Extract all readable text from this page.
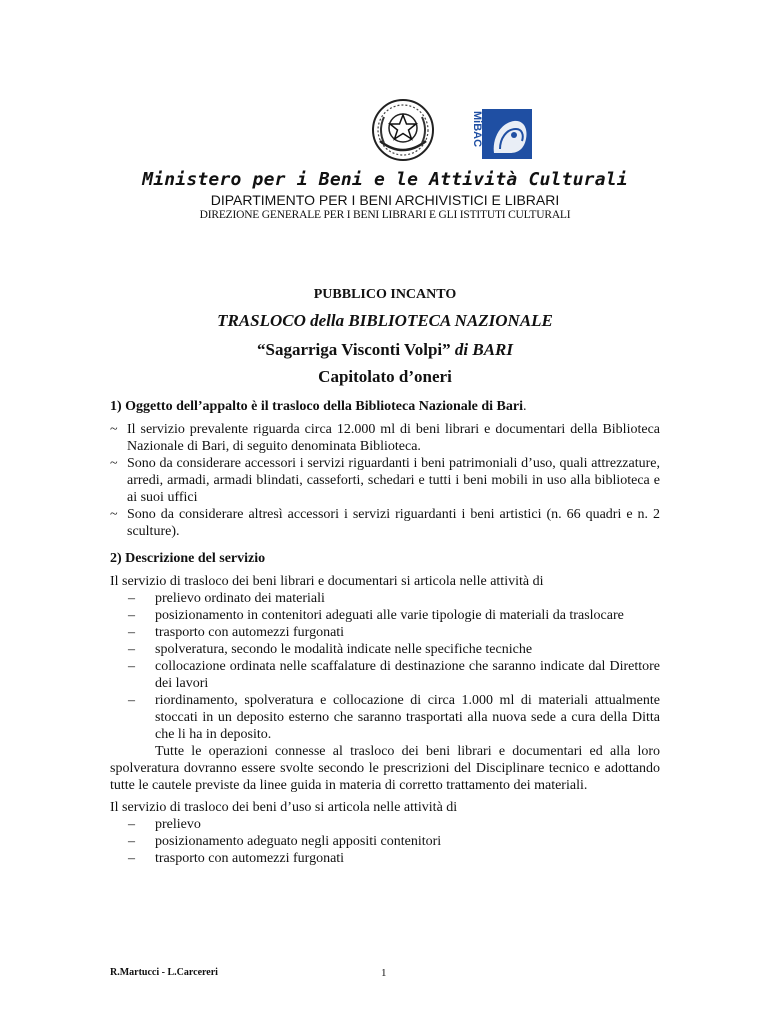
MiBAC
Ministero per i Beni e le Attività Culturali
DIPARTIMENTO PER I BENI ARCHIVISTICI E LIBRARI
DIREZIONE GENERALE PER I BENI LIBRARI E GLI ISTITUTI CULTURALI
PUBBLICO INCANTO
TRASLOCO della BIBLIOTECA NAZIONALE
“Sagarriga Visconti Volpi” di BARI
Capitolato d’oneri
1) Oggetto dell’appalto è il trasloco della Biblioteca Nazionale di Bari.
~ Il servizio prevalente riguarda circa 12.000 ml di beni librari e documentari della Biblioteca Nazionale di Bari, di seguito denominata Biblioteca.
~ Sono da considerare accessori i servizi riguardanti i beni patrimoniali d’uso, quali attrezzature, arredi, armadi, armadi blindati, casseforti, schedari e tutti i beni mobili in uso alla biblioteca e ai suoi uffici
~ Sono da considerare altresì accessori i servizi riguardanti i beni artistici (n. 66 quadri e n. 2 sculture).
2) Descrizione del servizio

Il servizio di trasloco dei beni librari e documentari si articola nelle attività di

– prelievo ordinato dei materiali
– posizionamento in contenitori adeguati alle varie tipologie di materiali da traslocare
– trasporto con automezzi furgonati
– spolveratura, secondo le modalità indicate nelle specifiche tecniche
– collocazione ordinata nelle scaffalature di destinazione che saranno indicate dal Direttore dei lavori
– riordinamento, spolveratura e collocazione di circa 1.000 ml di materiali attualmente stoccati in un deposito esterno che saranno trasportati alla nuova sede a cura della Ditta che li ha in deposito.

Tutte le operazioni connesse al trasloco dei beni librari e documentari ed alla loro spolveratura dovranno essere svolte secondo le prescrizioni del Disciplinare tecnico e adottando tutte le cautele previste da linee guida in materia di corretto trattamento dei materiali.

Il servizio di trasloco dei beni d’uso si articola nelle attività di

– prelievo
– posizionamento adeguato negli appositi contenitori
– trasporto con automezzi furgonati
R.Martucci - L.Carcereri	1
